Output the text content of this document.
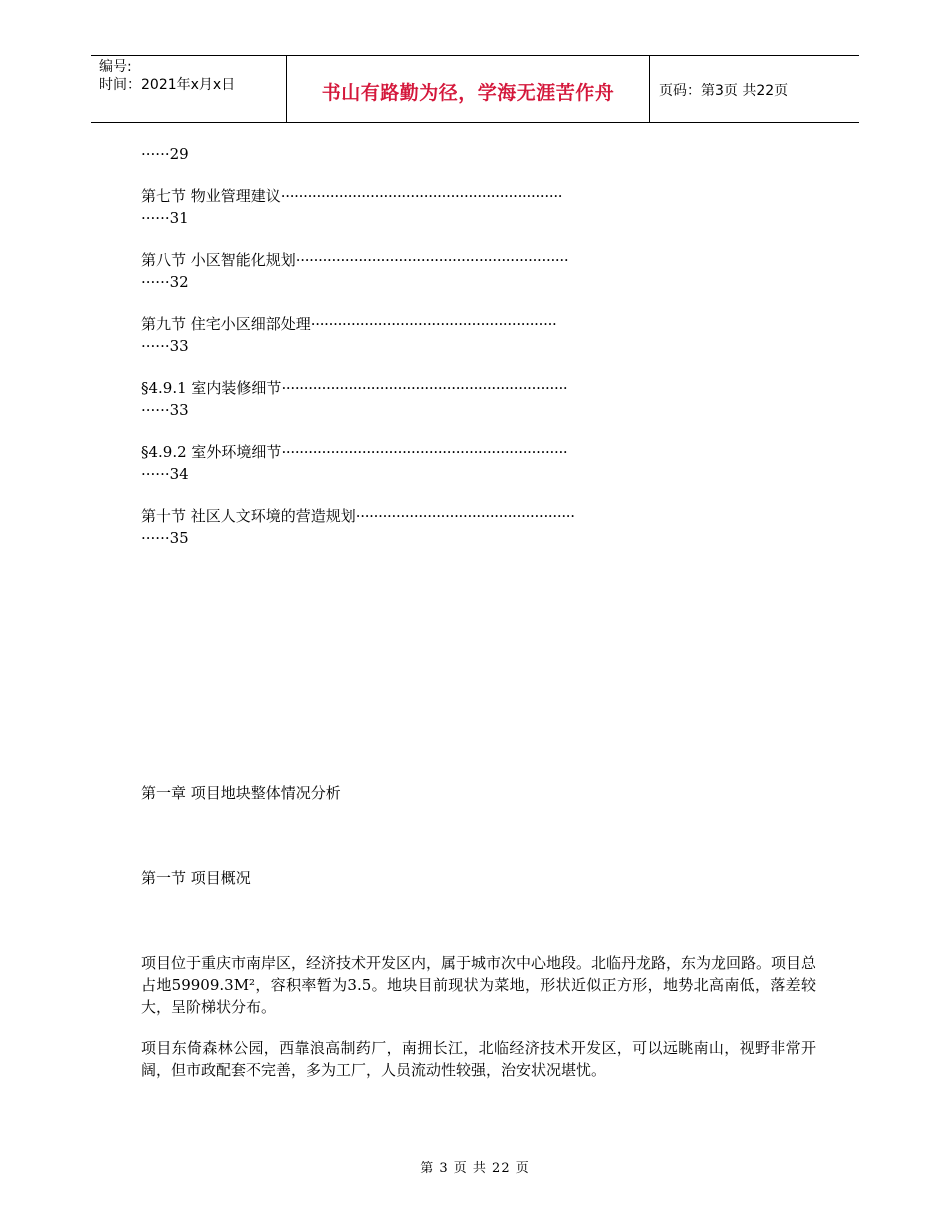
编号:
时间：2021年x月x日	书山有路勤为径，学海无涯苦作舟	页码：第3页 共22页
······29
第七节 物业管理建议·······························································
······31
第八节 小区智能化规划·····························································
······32
第九节 住宅小区细部处理·······················································
······33
§4.9.1 室内装修细节································································
······33
§4.9.2 室外环境细节································································
······34
第十节 社区人文环境的营造规划·················································
······35
第一章 项目地块整体情况分析
第一节 项目概况
项目位于重庆市南岸区，经济技术开发区内，属于城市次中心地段。北临丹龙路，东为龙回路。项目总占地59909.3M²，容积率暂为3.5。地块目前现状为菜地，形状近似正方形，地势北高南低，落差较大，呈阶梯状分布。
项目东倚森林公园，西靠浪高制药厂，南拥长江，北临经济技术开发区，可以远眺南山，视野非常开阔，但市政配套不完善，多为工厂，人员流动性较强，治安状况堪忧。
第 3 页 共 22 页
